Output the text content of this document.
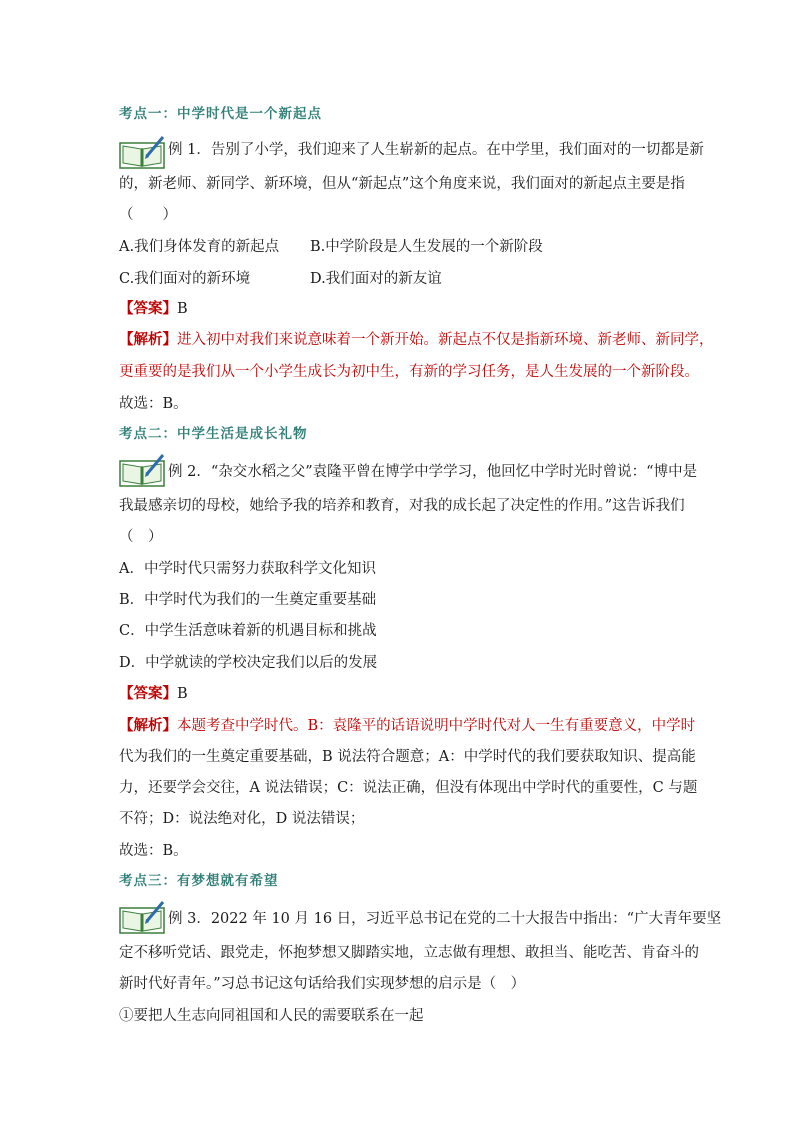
考点一：中学时代是一个新起点
例 1．告别了小学，我们迎来了人生崭新的起点。在中学里，我们面对的一切都是新
的，新老师、新同学、新环境，但从“新起点”这个角度来说，我们面对的新起点主要是指
（　　）
A.我们身体发育的新起点 B.中学阶段是人生发展的一个新阶段
C.我们面对的新环境	D.我们面对的新友谊
【答案】B
【解析】进入初中对我们来说意味着一个新开始。新起点不仅是指新环境、新老师、新同学，
更重要的是我们从一个小学生成长为初中生，有新的学习任务，是人生发展的一个新阶段。
故选：B。
考点二：中学生活是成长礼物
例 2．“杂交水稻之父”袁隆平曾在博学中学学习，他回忆中学时光时曾说：“博中是
我最感亲切的母校，她给予我的培养和教育，对我的成长起了决定性的作用。”这告诉我们
（　）
A．中学时代只需努力获取科学文化知识
B．中学时代为我们的一生奠定重要基础
C．中学生活意味着新的机遇目标和挑战
D．中学就读的学校决定我们以后的发展
【答案】B
【解析】本题考查中学时代。B：袁隆平的话语说明中学时代对人一生有重要意义，中学时
代为我们的一生奠定重要基础，B 说法符合题意；A：中学时代的我们要获取知识、提高能
力，还要学会交往，A 说法错误；C：说法正确，但没有体现出中学时代的重要性，C 与题
不符；D：说法绝对化，D 说法错误；
故选：B。
考点三：有梦想就有希望
例 3．2022 年 10 月 16 日，习近平总书记在党的二十大报告中指出：“广大青年要坚
定不移听党话、跟党走，怀抱梦想又脚踏实地，立志做有理想、敢担当、能吃苦、肯奋斗的
新时代好青年。”习总书记这句话给我们实现梦想的启示是（　）
①要把人生志向同祖国和人民的需要联系在一起
